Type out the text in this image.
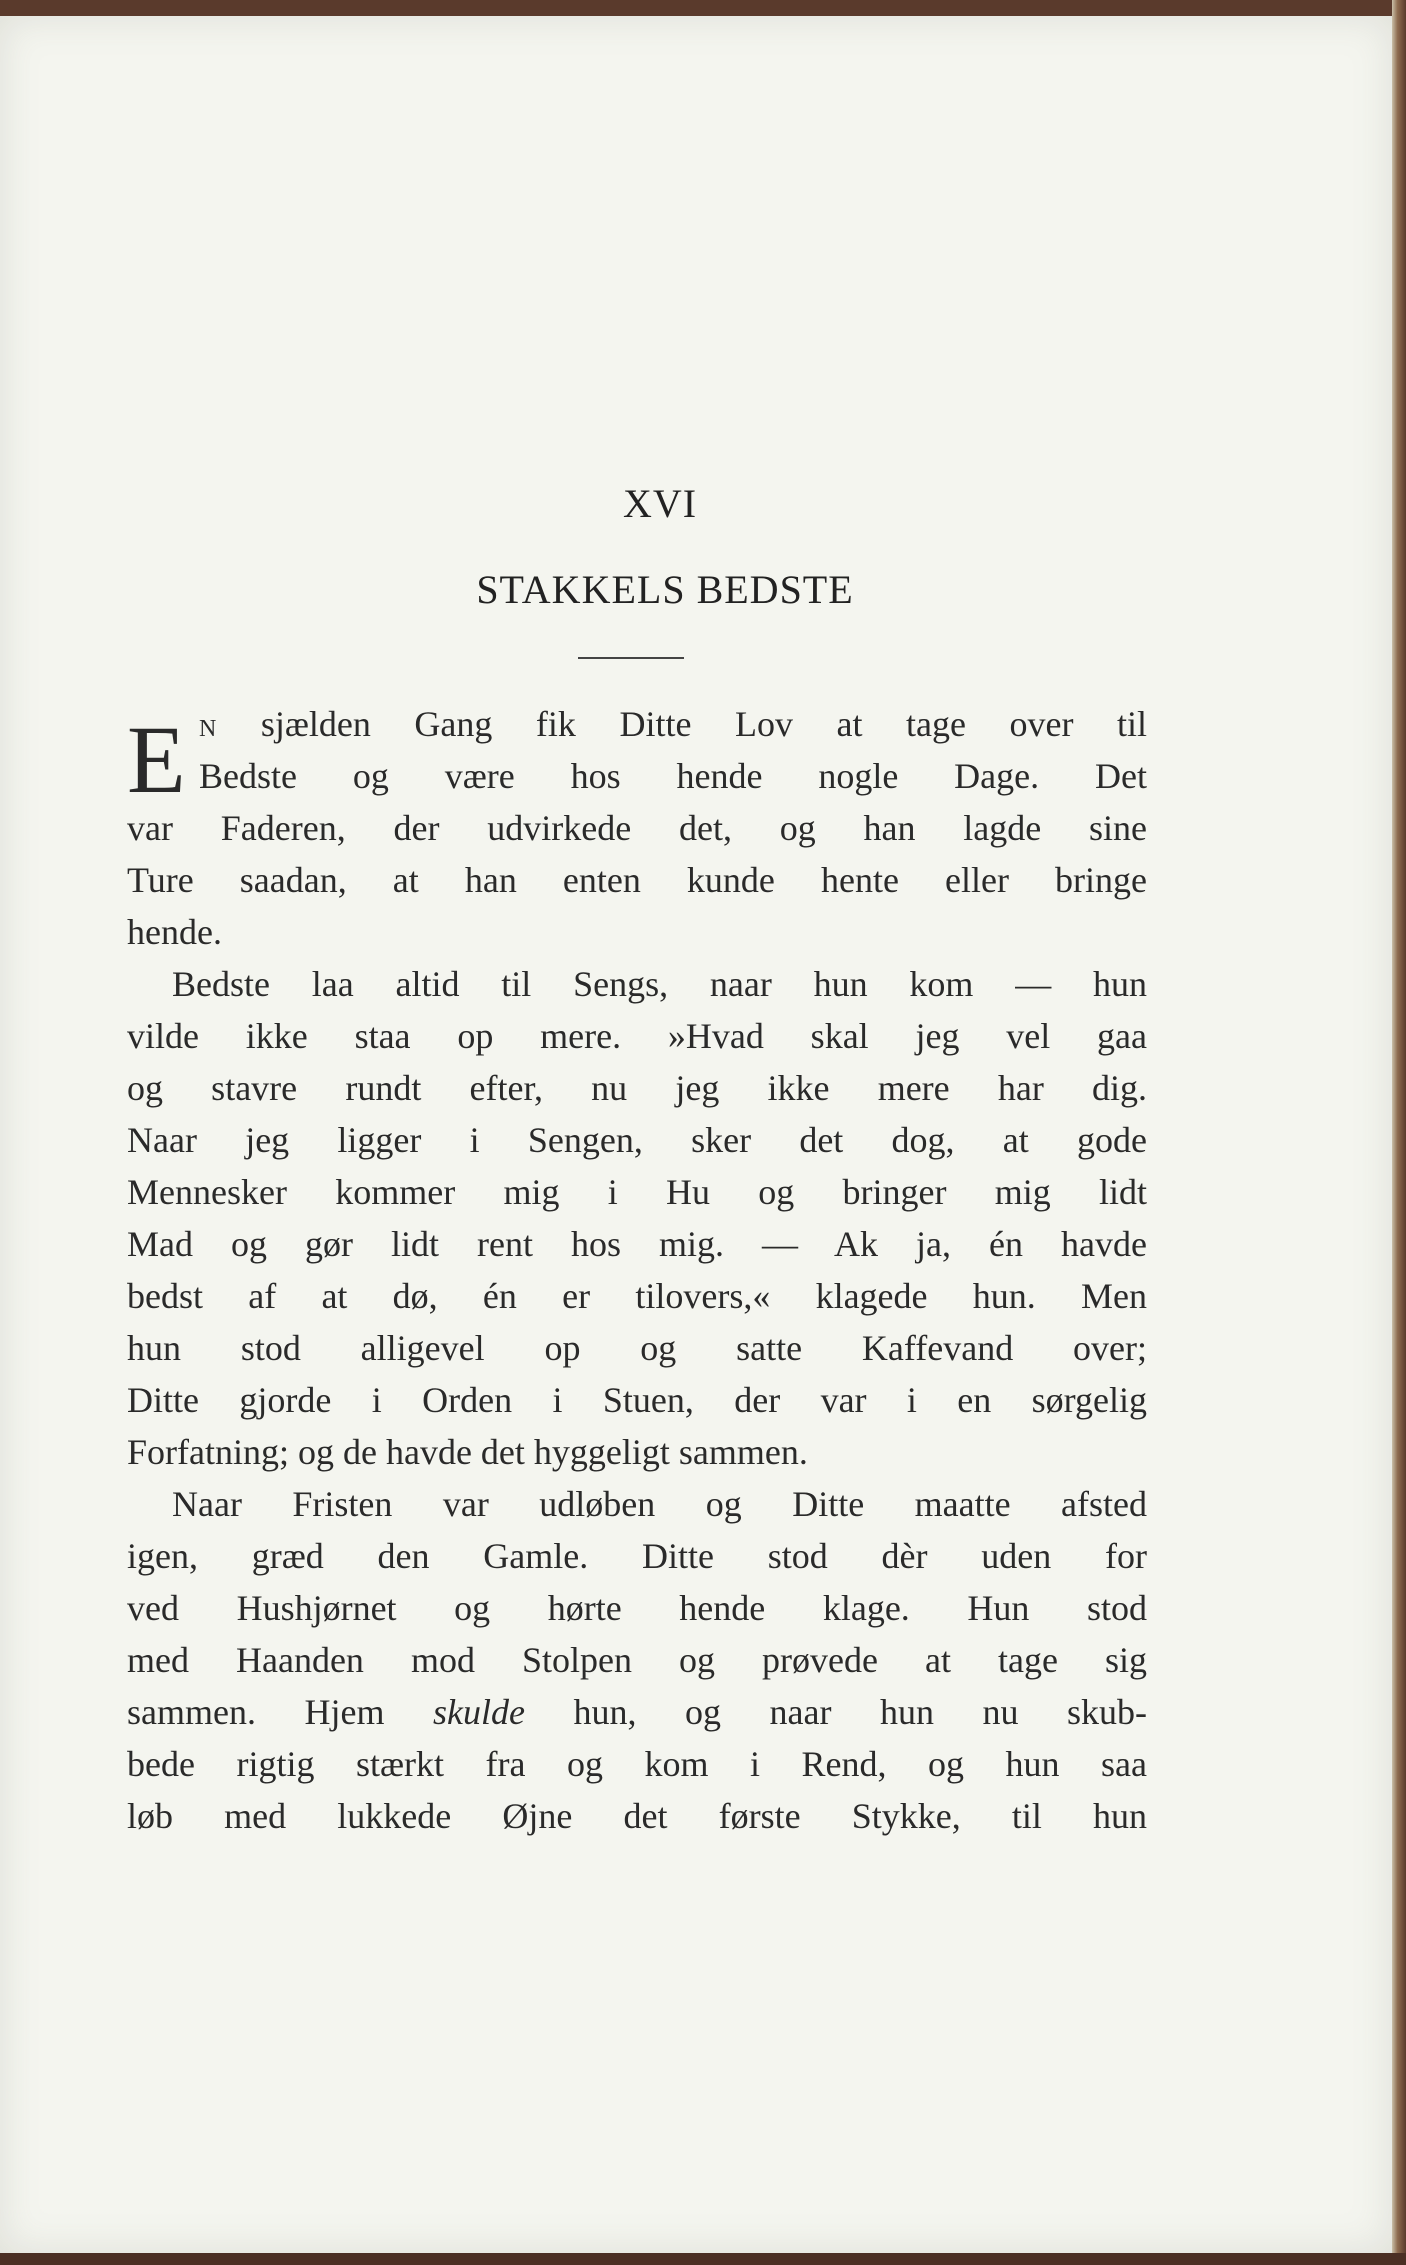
XVI
STAKKELS BEDSTE
E N sjælden Gang fik Ditte Lov at tage over til
Bedste og være hos hende nogle Dage. Det
var Faderen, der udvirkede det, og han lagde sine
Ture saadan, at han enten kunde hente eller bringe
hende.
Bedste laa altid til Sengs, naar hun kom — hun
vilde ikke staa op mere. »Hvad skal jeg vel gaa
og stavre rundt efter, nu jeg ikke mere har dig.
Naar jeg ligger i Sengen, sker det dog, at gode
Mennesker kommer mig i Hu og bringer mig lidt
Mad og gør lidt rent hos mig. — Ak ja, én havde
bedst af at dø, én er tilovers,« klagede hun. Men
hun stod alligevel op og satte Kaffevand over;
Ditte gjorde i Orden i Stuen, der var i en sørgelig
Forfatning; og de havde det hyggeligt sammen.
Naar Fristen var udløben og Ditte maatte afsted
igen, græd den Gamle. Ditte stod dèr uden for
ved Hushjørnet og hørte hende klage. Hun stod
med Haanden mod Stolpen og prøvede at tage sig
sammen. Hjem skulde hun, og naar hun nu skub-
bede rigtig stærkt fra og kom i Rend, og hun saa
løb med lukkede Øjne det første Stykke, til hun
